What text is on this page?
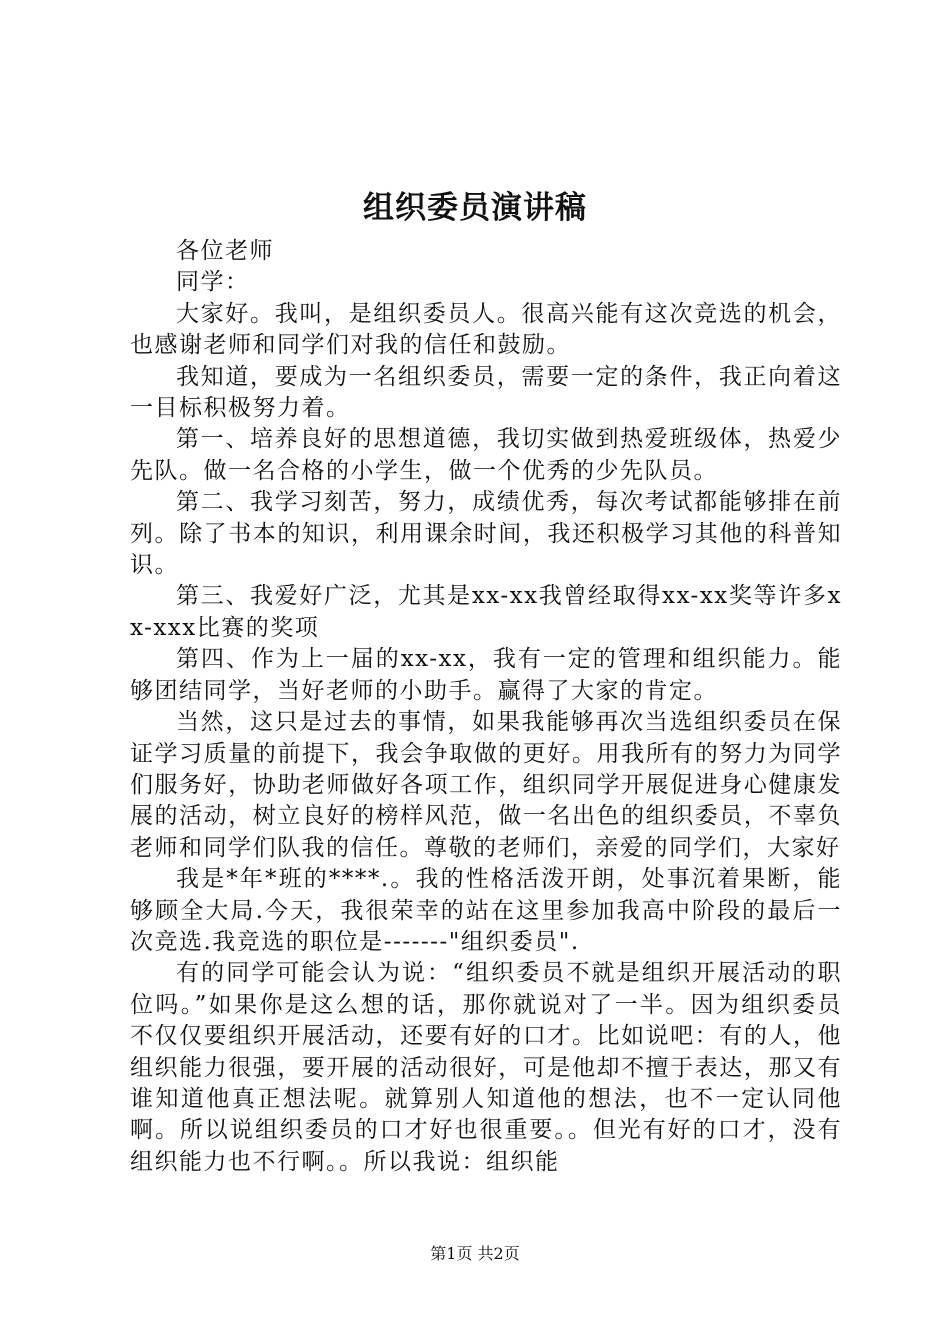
组织委员演讲稿

各位老师

同学：

大家好。我叫，是组织委员人。很高兴能有这次竞选的机会，也感谢老师和同学们对我的信任和鼓励。

我知道，要成为一名组织委员，需要一定的条件，我正向着这一目标积极努力着。

第一、培养良好的思想道德，我切实做到热爱班级体，热爱少先队。做一名合格的小学生，做一个优秀的少先队员。

第二、我学习刻苦，努力，成绩优秀，每次考试都能够排在前列。除了书本的知识，利用课余时间，我还积极学习其他的科普知识。

第三、我爱好广泛，尤其是xx-xx我曾经取得xx-xx奖等许多xx-xxx比赛的奖项

第四、作为上一届的xx-xx，我有一定的管理和组织能力。能够团结同学，当好老师的小助手。赢得了大家的肯定。

当然，这只是过去的事情，如果我能够再次当选组织委员在保证学习质量的前提下，我会争取做的更好。用我所有的努力为同学们服务好，协助老师做好各项工作，组织同学开展促进身心健康发展的活动，树立良好的榜样风范，做一名出色的组织委员，不辜负老师和同学们队我的信任。尊敬的老师们，亲爱的同学们，大家好

我是*年*班的****.。我的性格活泼开朗，处事沉着果断，能够顾全大局.今天，我很荣幸的站在这里参加我高中阶段的最后一次竞选.我竞选的职位是-------"组织委员".

有的同学可能会认为说：“组织委员不就是组织开展活动的职位吗。”如果你是这么想的话，那你就说对了一半。因为组织委员不仅仅要组织开展活动，还要有好的口才。比如说吧：有的人，他组织能力很强，要开展的活动很好，可是他却不擅于表达，那又有谁知道他真正想法呢。就算别人知道他的想法，也不一定认同他啊。所以说组织委员的口才好也很重要。。但光有好的口才，没有组织能力也不行啊。。所以我说：组织能

第1页 共2页
